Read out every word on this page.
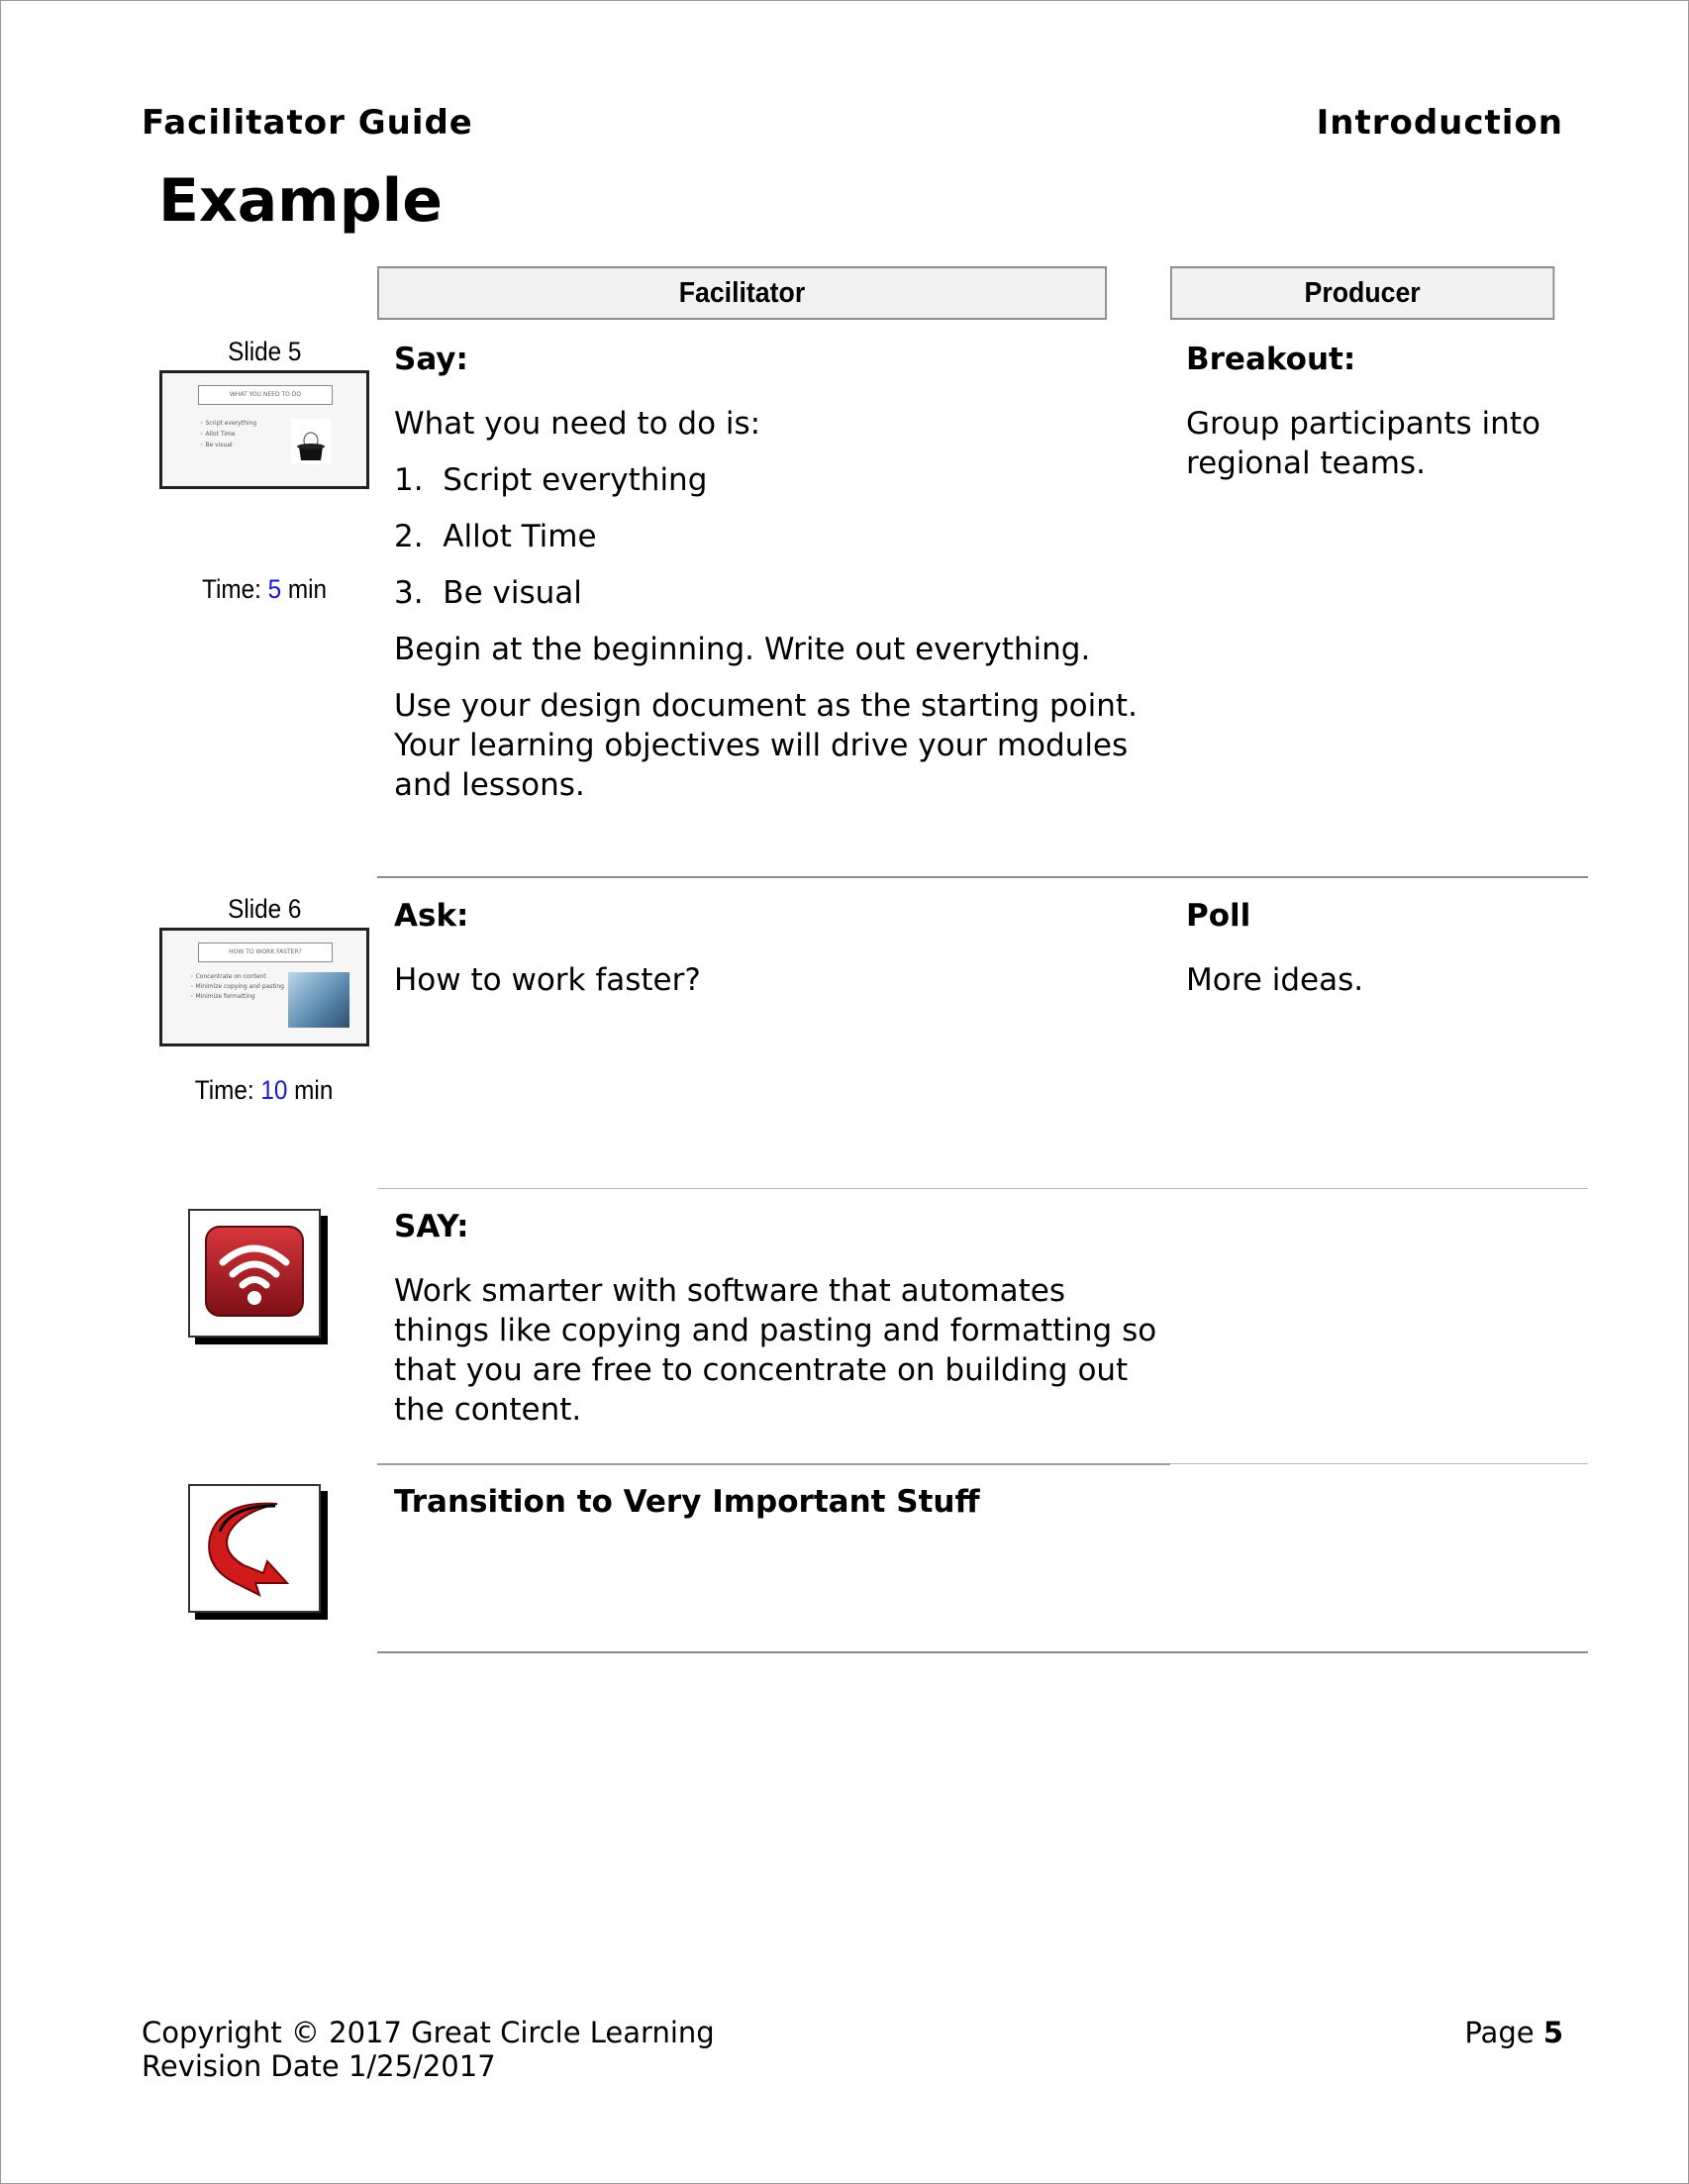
Facilitator Guide	Introduction
Example
Facilitator	Producer
Slide 5
WHAT YOU NEED TO DO
◦ Script everything
◦ Allot Time
◦ Be visual
Time: 5 min
Say:
What you need to do is:
1.  Script everything
2.  Allot Time
3.  Be visual
Begin at the beginning. Write out everything.
Use your design document as the starting point. Your learning objectives will drive your modules and lessons.
Breakout:
Group participants into regional teams.
Slide 6
HOW TO WORK FASTER?
◦ Concentrate on content
◦ Minimize copying and pasting
◦ Minimize formatting
Time: 10 min
Ask:
How to work faster?
Poll
More ideas.
SAY:
Work smarter with software that automates things like copying and pasting and formatting so that you are free to concentrate on building out the content.
Transition to Very Important Stuff
Copyright © 2017 Great Circle Learning
Revision Date 1/25/2017
Page 5
